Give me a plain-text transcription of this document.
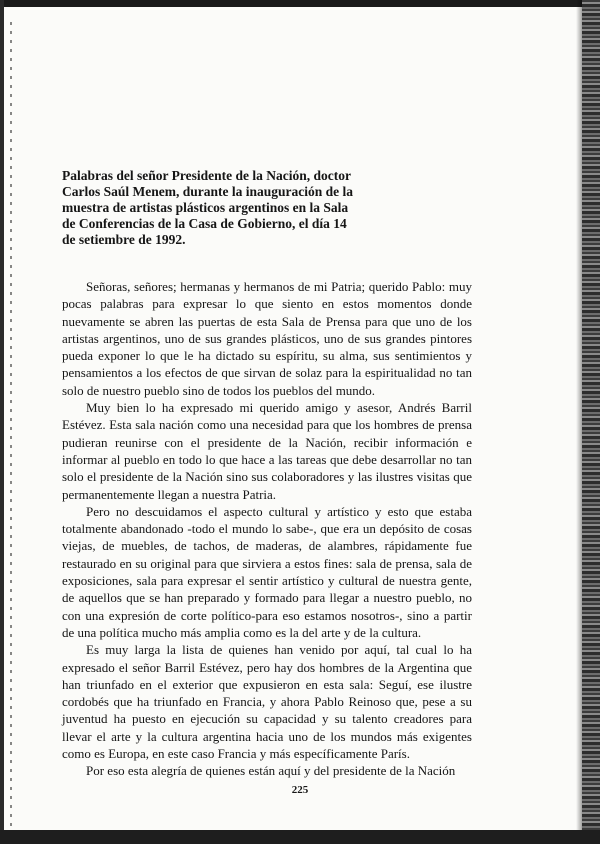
Palabras del señor Presidente de la Nación, doctor Carlos Saúl Menem, durante la inauguración de la muestra de artistas plásticos argentinos en la Sala de Conferencias de la Casa de Gobierno, el día 14 de setiembre de 1992.

Señoras, señores; hermanas y hermanos de mi Patria; querido Pablo: muy pocas palabras para expresar lo que siento en estos momentos donde nuevamente se abren las puertas de esta Sala de Prensa para que uno de los artistas argentinos, uno de sus grandes plásticos, uno de sus grandes pintores pueda exponer lo que le ha dictado su espíritu, su alma, sus sentimientos y pensamientos a los efectos de que sirvan de solaz para la espiritualidad no tan solo de nuestro pueblo sino de todos los pueblos del mundo.

Muy bien lo ha expresado mi querido amigo y asesor, Andrés Barril Estévez. Esta sala nación como una necesidad para que los hombres de prensa pudieran reunirse con el presidente de la Nación, recibir información e informar al pueblo en todo lo que hace a las tareas que debe desarrollar no tan solo el presidente de la Nación sino sus colaboradores y las ilustres visitas que permanentemente llegan a nuestra Patria.

Pero no descuidamos el aspecto cultural y artístico y esto que estaba totalmente abandonado -todo el mundo lo sabe-, que era un depósito de cosas viejas, de muebles, de tachos, de maderas, de alambres, rápidamente fue restaurado en su original para que sirviera a estos fines: sala de prensa, sala de exposiciones, sala para expresar el sentir artístico y cultural de nuestra gente, de aquellos que se han preparado y formado para llegar a nuestro pueblo, no con una expresión de corte político-para eso estamos nosotros-, sino a partir de una política mucho más amplia como es la del arte y de la cultura.

Es muy larga la lista de quienes han venido por aquí, tal cual lo ha expresado el señor Barril Estévez, pero hay dos hombres de la Argentina que han triunfado en el exterior que expusieron en esta sala: Seguí, ese ilustre cordobés que ha triunfado en Francia, y ahora Pablo Reinoso que, pese a su juventud ha puesto en ejecución su capacidad y su talento creadores para llevar el arte y la cultura argentina hacia uno de los mundos más exigentes como es Europa, en este caso Francia y más específicamente París.

Por eso esta alegría de quienes están aquí y del presidente de la Nación

225
